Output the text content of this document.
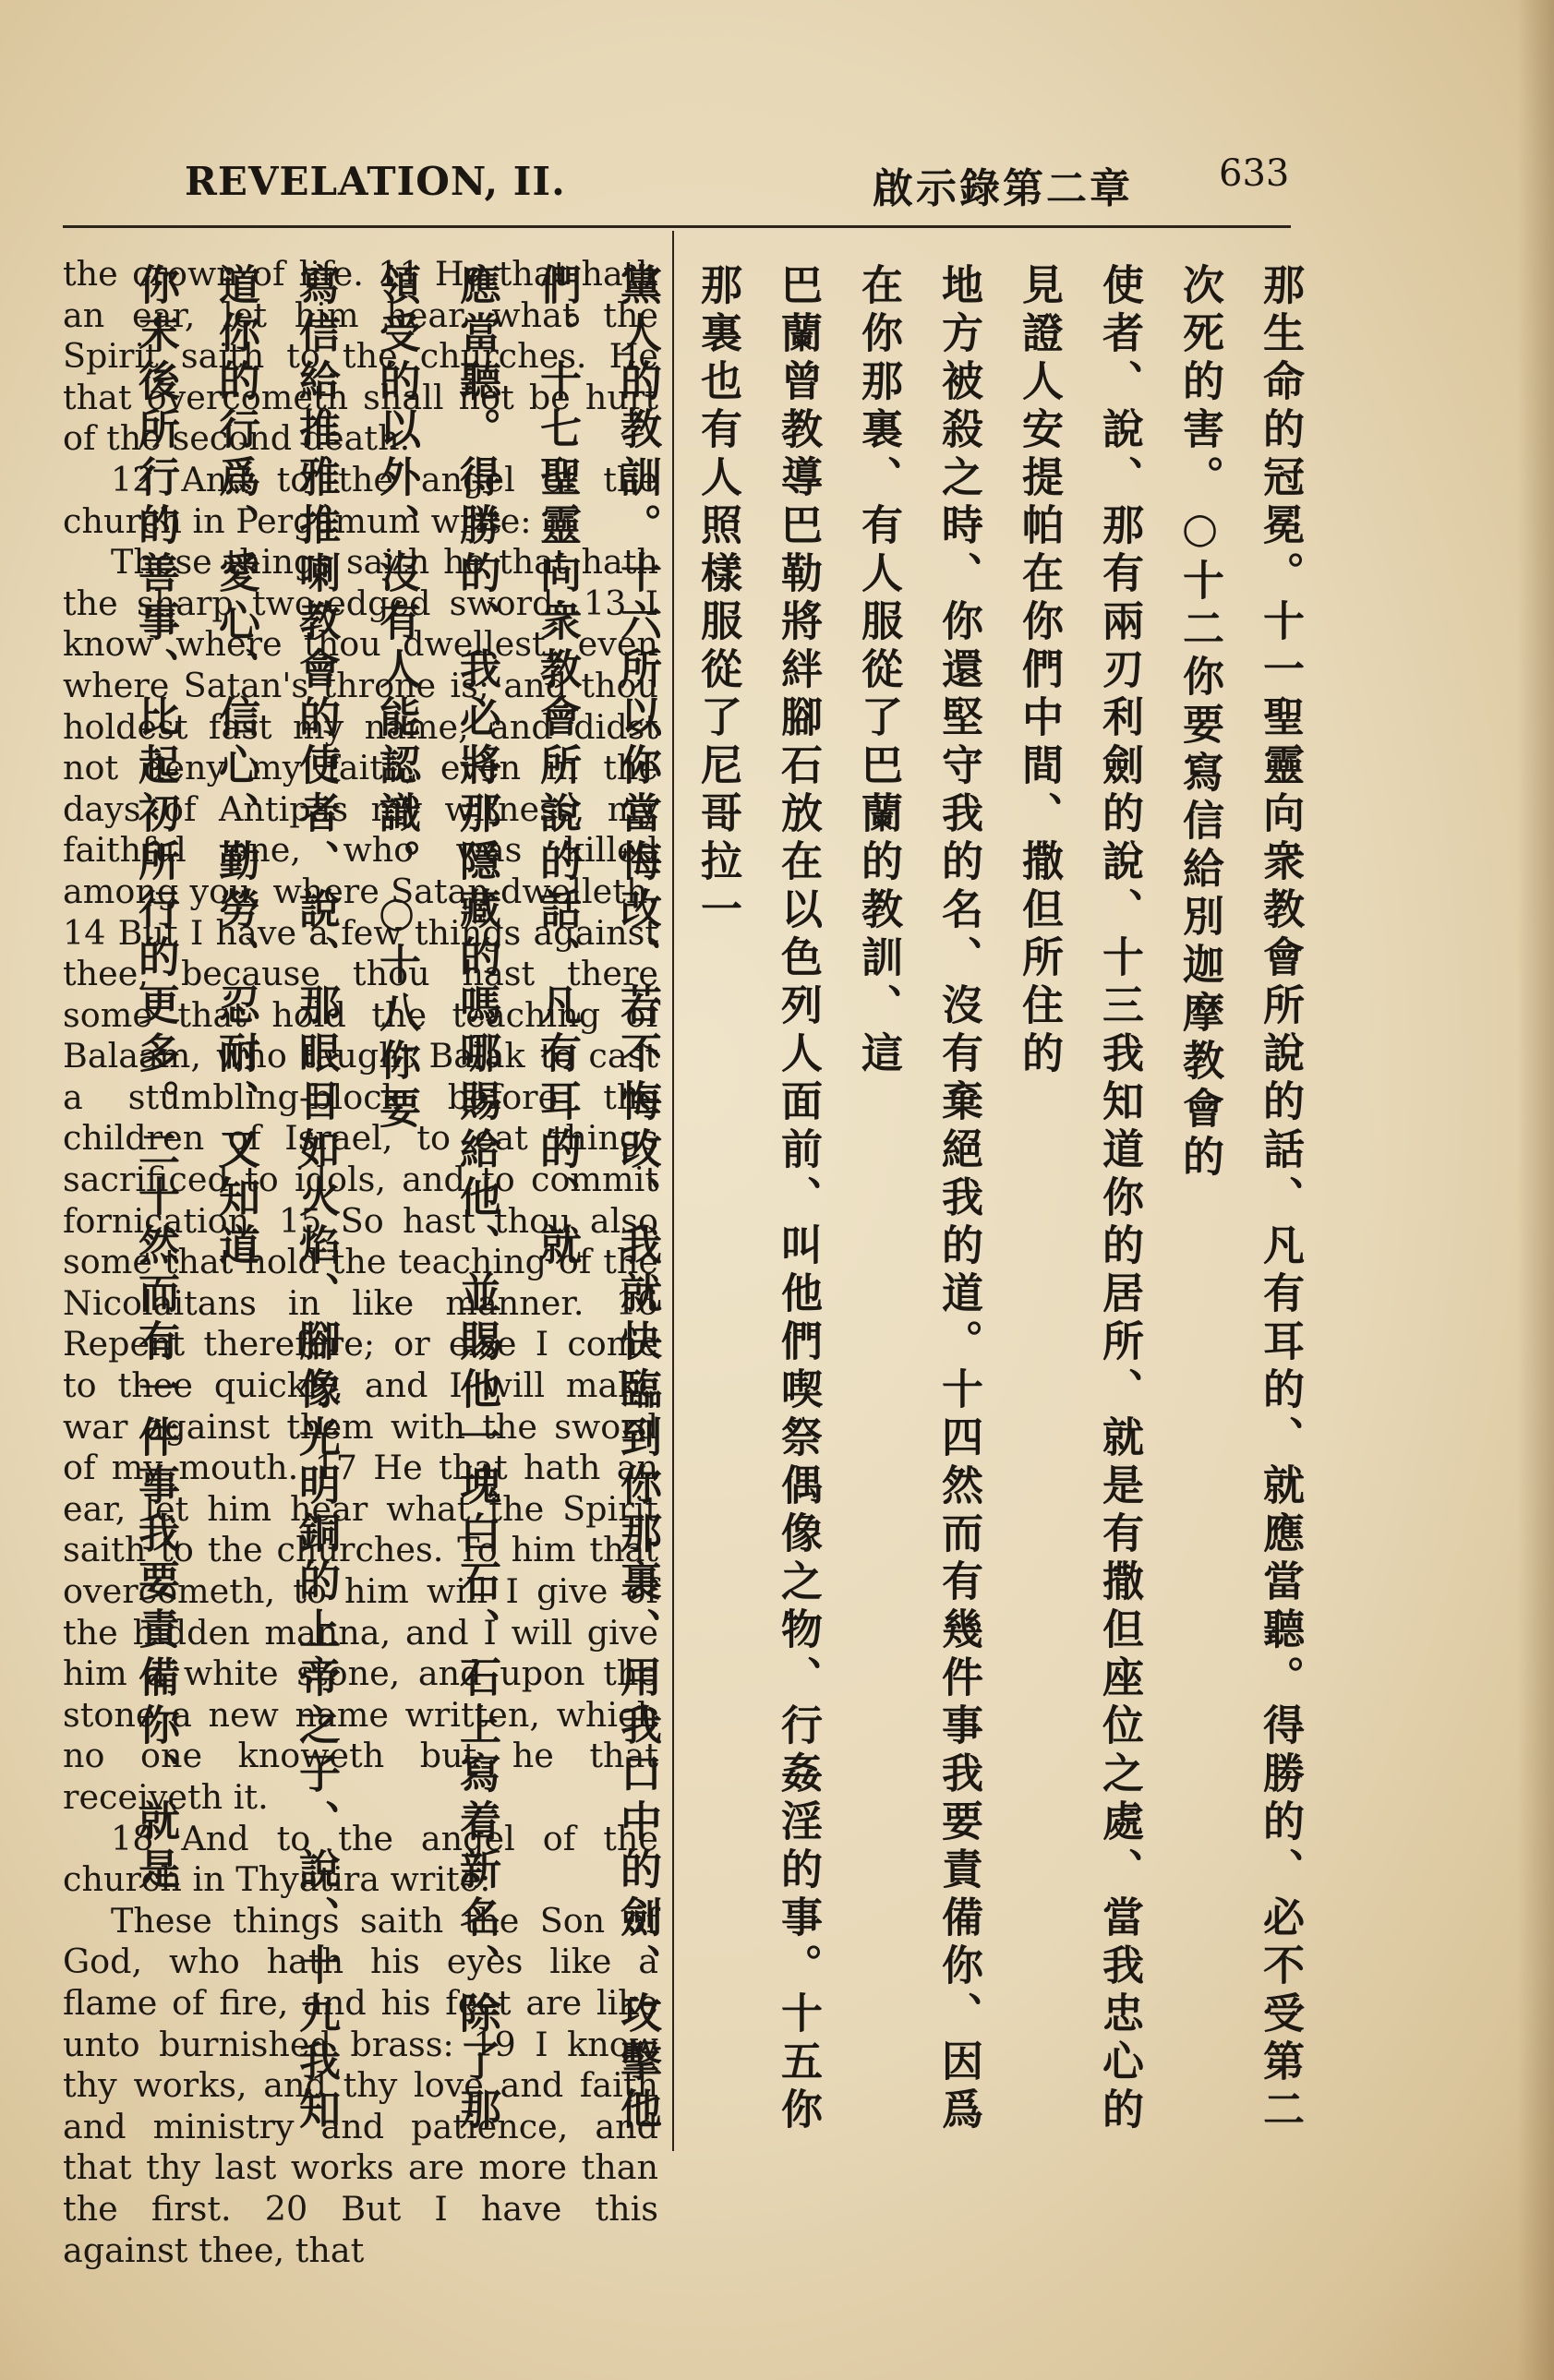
REVELATION, II.	啟示錄第二章 633

the crown of life. 11 He that hath an ear, let him hear what the Spirit saith to the churches. He that overcometh shall not be hurt of the second death.

12 And to the angel of the church in Pergamum write:

These things saith he that hath the sharp two-edged sword: 13 I know where thou dwellest, even where Satan's throne is; and thou holdest fast my name, and didst not deny my faith, even in the days of Antipas my witness, my faithful one, who was killed among you, where Satan dwelleth. 14 But I have a few things against thee, because thou hast there some that hold the teaching of Balaam, who taught Balak to cast a stumbling-block before the children of Israel, to eat things sacrificed to idols, and to commit fornication. 15 So hast thou also some that hold the teaching of the Nicolaitans in like manner. 16 Repent therefore; or else I come to thee quickly, and I will make war against them with the sword of my mouth. 17 He that hath an ear, let him hear what the Spirit saith to the churches. To him that overcometh, to him will I give of the hidden manna, and I will give him a white stone, and upon the stone a new name written, which no one knoweth but he that receiveth it.

18 And to the angel of the church in Thyatira write:

These things saith the Son of God, who hath his eyes like a flame of fire, and his feet are like unto burnished brass: 19 I know thy works, and thy love and faith and ministry and patience, and that thy last works are more than the first. 20 But I have this against thee, that

那生命的冠冕。十一聖靈向衆教會所說的話、凡有耳的、就應當聽。得勝的、必不受第二次死的害。○十二你要寫信給別迦摩教會的

使者、說、那有兩刃利劍的說、十三我知道你的居所、就是有撒但座位之處、當我忠心的見證人安提帕在你們中間、撒但所住的

地方被殺之時、你還堅守我的名、沒有棄絕我的道。十四然而有幾件事我要責備你、因爲在你那裏、有人服從了巴蘭的教訓、這

巴蘭曾教導巴勒將絆腳石放在以色列人面前、叫他們喫祭偶像之物、行姦淫的事。十五你那裏也有人照樣服從了尼哥拉一

黨人的教訓。十六所以你當悔改、若不悔改、我就快臨到你那裏、用我口中的劍、攻擊他們。十七聖靈向衆教會所說的話、凡有耳的、就

應當聽。得勝的、我必將那隱藏的嗎哪賜給他、並賜他一塊白石、石上寫着新名、除了那領受的以外、沒有人能認識。○十八你要

寫信給推雅推喇教會的使者、說、那眼目如火焰、腳像光明銅的上帝之子、說、十九我知道你的行爲、愛心、信心、勤勞、忍耐、又知道

你末後所行的善事、比起初所行的更多。二十然而有一件事我要責備你、就是
